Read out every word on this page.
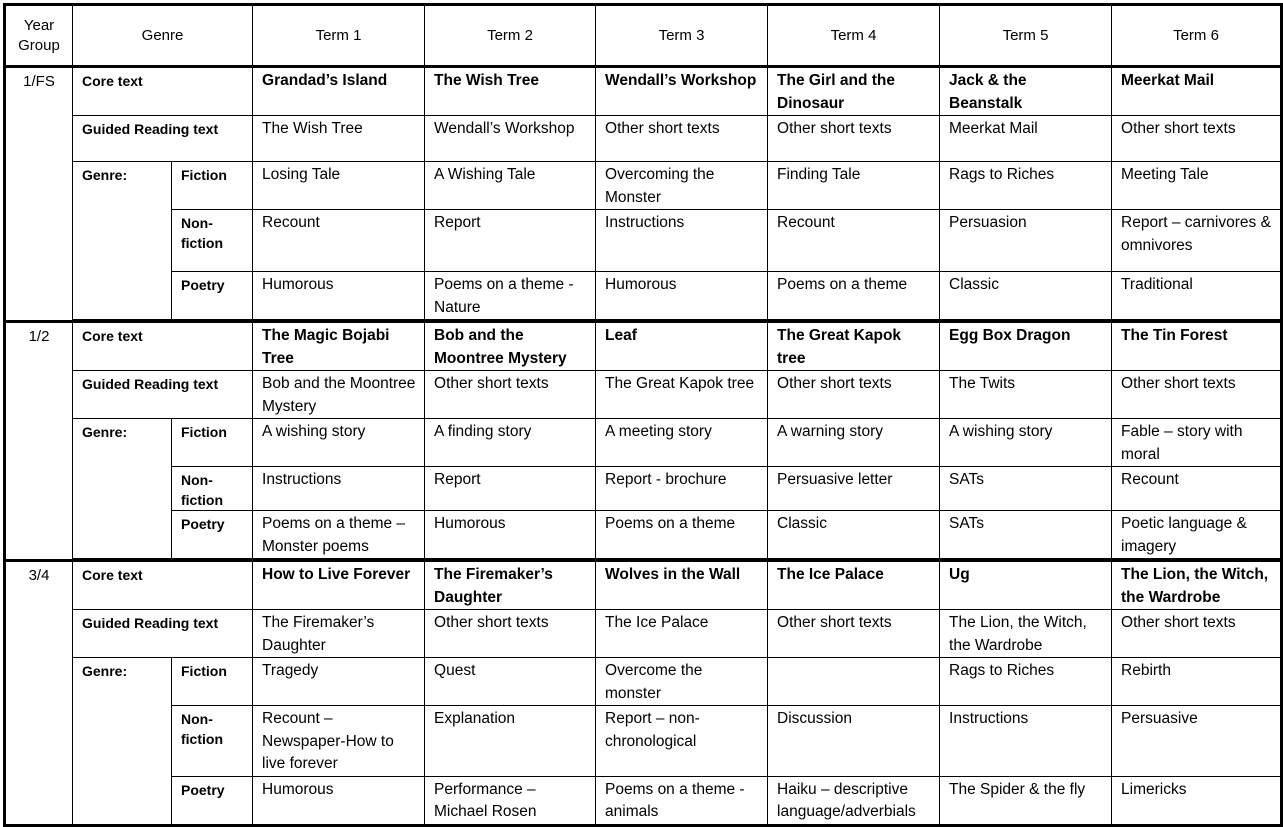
Year Group	Genre		Term 1	Term 2	Term 3	Term 4	Term 5	Term 6
1/FS	Core text		Grandad’s Island	The Wish Tree	Wendall’s Workshop	The Girl and the Dinosaur	Jack & the Beanstalk	Meerkat Mail
	Guided Reading text		The Wish Tree	Wendall’s Workshop	Other short texts	Other short texts	Meerkat Mail	Other short texts
	Genre:	Fiction	Losing Tale	A Wishing Tale	Overcoming the Monster	Finding Tale	Rags to Riches	Meeting Tale
		Non-fiction	Recount	Report	Instructions	Recount	Persuasion	Report – carnivores & omnivores
		Poetry	Humorous	Poems on a theme - Nature	Humorous	Poems on a theme	Classic	Traditional

1/2	Core text		The Magic Bojabi Tree	Bob and the Moontree Mystery	Leaf	The Great Kapok tree	Egg Box Dragon	The Tin Forest
	Guided Reading text		Bob and the Moontree Mystery	Other short texts	The Great Kapok tree	Other short texts	The Twits	Other short texts
	Genre:	Fiction	A wishing story	A finding story	A meeting story	A warning story	A wishing story	Fable – story with moral
		Non-fiction	Instructions	Report	Report - brochure	Persuasive letter	SATs	Recount
		Poetry	Poems on a theme – Monster poems	Humorous	Poems on a theme	Classic	SATs	Poetic language & imagery

3/4	Core text		How to Live Forever	The Firemaker’s Daughter	Wolves in the Wall	The Ice Palace	Ug	The Lion, the Witch, the Wardrobe
	Guided Reading text		The Firemaker’s Daughter	Other short texts	The Ice Palace	Other short texts	The Lion, the Witch, the Wardrobe	Other short texts
	Genre:	Fiction	Tragedy	Quest	Overcome the monster		Rags to Riches	Rebirth
		Non-fiction	Recount – Newspaper-How to live forever	Explanation	Report – non-chronological	Discussion	Instructions	Persuasive
		Poetry	Humorous	Performance – Michael Rosen	Poems on a theme - animals	Haiku – descriptive language/adverbials	The Spider & the fly	Limericks
